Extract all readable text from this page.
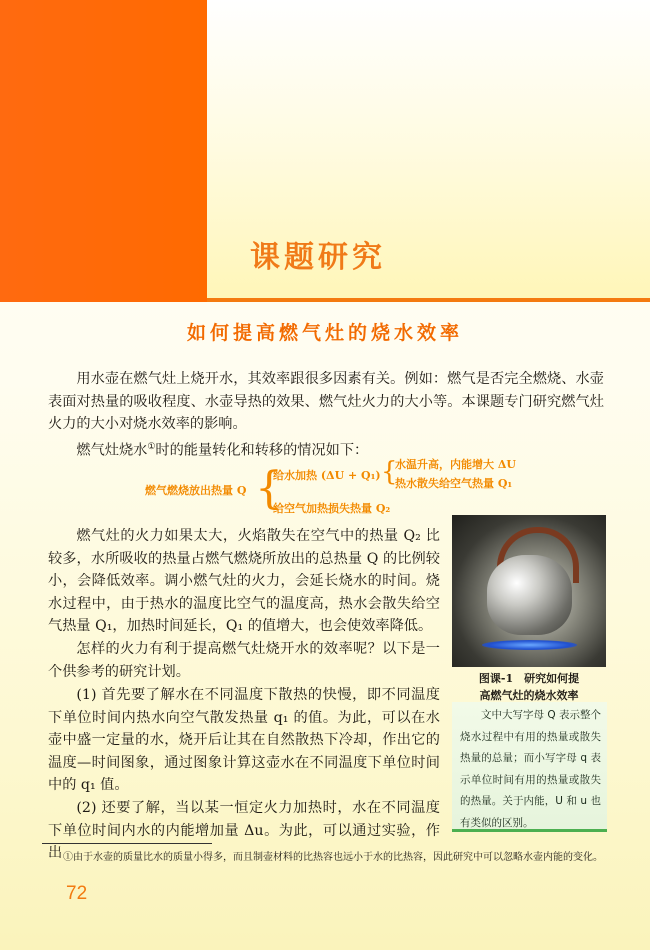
课题研究
如何提高燃气灶的烧水效率

用水壶在燃气灶上烧开水，其效率跟很多因素有关。例如：燃气是否完全燃烧、水壶表面对热量的吸收程度、水壶导热的效果、燃气灶火力的大小等。本课题专门研究燃气灶火力的大小对烧水效率的影响。

燃气灶烧水①时的能量转化和转移的情况如下：

燃气燃烧放出热量 Q {
给水加热 (ΔU + Q₁) {
水温升高，内能增大 ΔU
热水散失给空气热量 Q₁
给空气加热损失热量 Q₂

燃气灶的火力如果太大，火焰散失在空气中的热量 Q₂ 比较多，水所吸收的热量占燃气燃烧所放出的总热量 Q 的比例较小，会降低效率。调小燃气灶的火力，会延长烧水的时间。烧水过程中，由于热水的温度比空气的温度高，热水会散失给空气热量 Q₁，加热时间延长，Q₁ 的值增大，也会使效率降低。

怎样的火力有利于提高燃气灶烧开水的效率呢？以下是一个供参考的研究计划。

(1) 首先要了解水在不同温度下散热的快慢，即不同温度下单位时间内热水向空气散发热量 q₁ 的值。为此，可以在水壶中盛一定量的水，烧开后让其在自然散热下冷却，作出它的温度—时间图象，通过图象计算这壶水在不同温度下单位时间中的 q₁ 值。

(2) 还要了解，当以某一恒定火力加热时，水在不同温度下单位时间内水的内能增加量 Δu。为此，可以通过实验，作出

图课-1　研究如何提
高燃气灶的烧水效率
文中大写字母 Q 表示整个烧水过程中有用的热量或散失热量的总量；而小写字母 q 表示单位时间有用的热量或散失的热量。关于内能，U 和 u 也有类似的区别。
①由于水壶的质量比水的质量小得多，而且制壶材料的比热容也远小于水的比热容，因此研究中可以忽略水壶内能的变化。
72
